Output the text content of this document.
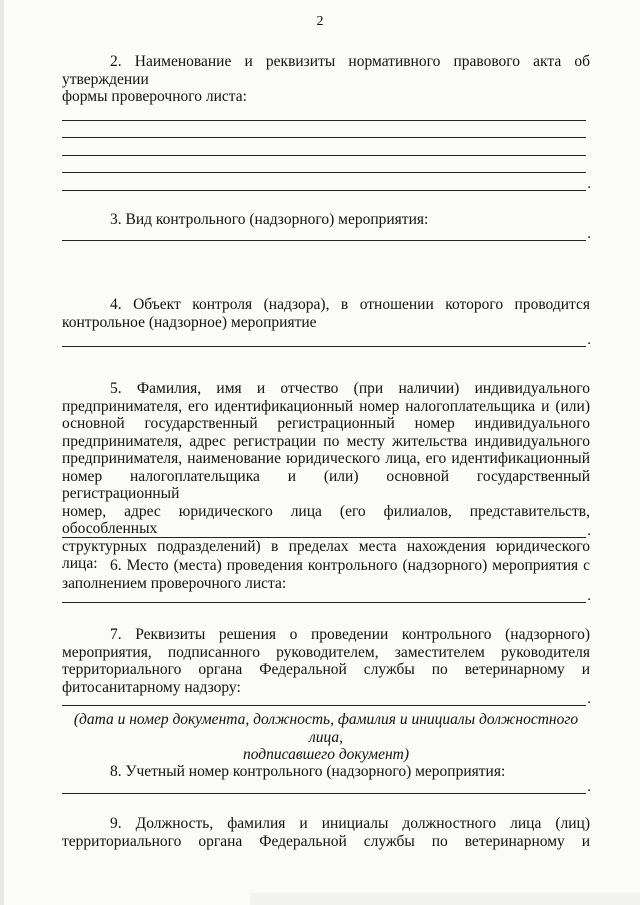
2

2. Наименование и реквизиты нормативного правового акта об утверждении

формы проверочного листа:

.

3. Вид контрольного (надзорного) мероприятия:

.

4. Объект контроля (надзора), в отношении которого проводится

контрольное (надзорное) мероприятие

.

5. Фамилия, имя и отчество (при наличии) индивидуального

предпринимателя, его идентификационный номер налогоплательщика и (или)

основной государственный регистрационный номер индивидуального

предпринимателя, адрес регистрации по месту жительства индивидуального

предпринимателя, наименование юридического лица, его идентификационный

номер налогоплательщика и (или) основной государственный регистрационный

номер, адрес юридического лица (его филиалов, представительств, обособленных

структурных подразделений) в пределах места нахождения юридического лица:

. 6. Место (места) проведения контрольного (надзорного) мероприятия с

заполнением проверочного листа:

.

7. Реквизиты решения о проведении контрольного (надзорного)

мероприятия, подписанного руководителем, заместителем руководителя

территориального органа Федеральной службы по ветеринарному и

фитосанитарному надзору:

.
(дата и номер документа, должность, фамилия и инициалы должностного лица,
подписавшего документ)

8. Учетный номер контрольного (надзорного) мероприятия:

.

9. Должность, фамилия и инициалы должностного лица (лиц)

территориального органа Федеральной службы по ветеринарному и
